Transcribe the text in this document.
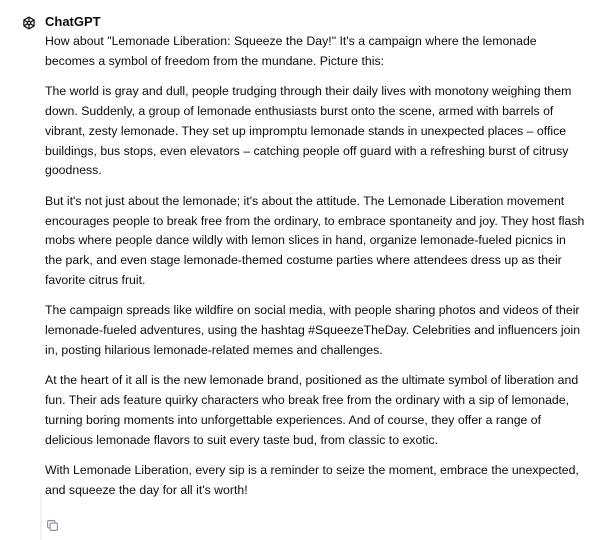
ChatGPT

How about "Lemonade Liberation: Squeeze the Day!" It's a campaign where the lemonade becomes a symbol of freedom from the mundane. Picture this:

The world is gray and dull, people trudging through their daily lives with monotony weighing them down. Suddenly, a group of lemonade enthusiasts burst onto the scene, armed with barrels of vibrant, zesty lemonade. They set up impromptu lemonade stands in unexpected places – office buildings, bus stops, even elevators – catching people off guard with a refreshing burst of citrusy goodness.

But it's not just about the lemonade; it's about the attitude. The Lemonade Liberation movement encourages people to break free from the ordinary, to embrace spontaneity and joy. They host flash mobs where people dance wildly with lemon slices in hand, organize lemonade-fueled picnics in the park, and even stage lemonade-themed costume parties where attendees dress up as their favorite citrus fruit.

The campaign spreads like wildfire on social media, with people sharing photos and videos of their lemonade-fueled adventures, using the hashtag #SqueezeTheDay. Celebrities and influencers join in, posting hilarious lemonade-related memes and challenges.

At the heart of it all is the new lemonade brand, positioned as the ultimate symbol of liberation and fun. Their ads feature quirky characters who break free from the ordinary with a sip of lemonade, turning boring moments into unforgettable experiences. And of course, they offer a range of delicious lemonade flavors to suit every taste bud, from classic to exotic.

With Lemonade Liberation, every sip is a reminder to seize the moment, embrace the unexpected, and squeeze the day for all it's worth!
